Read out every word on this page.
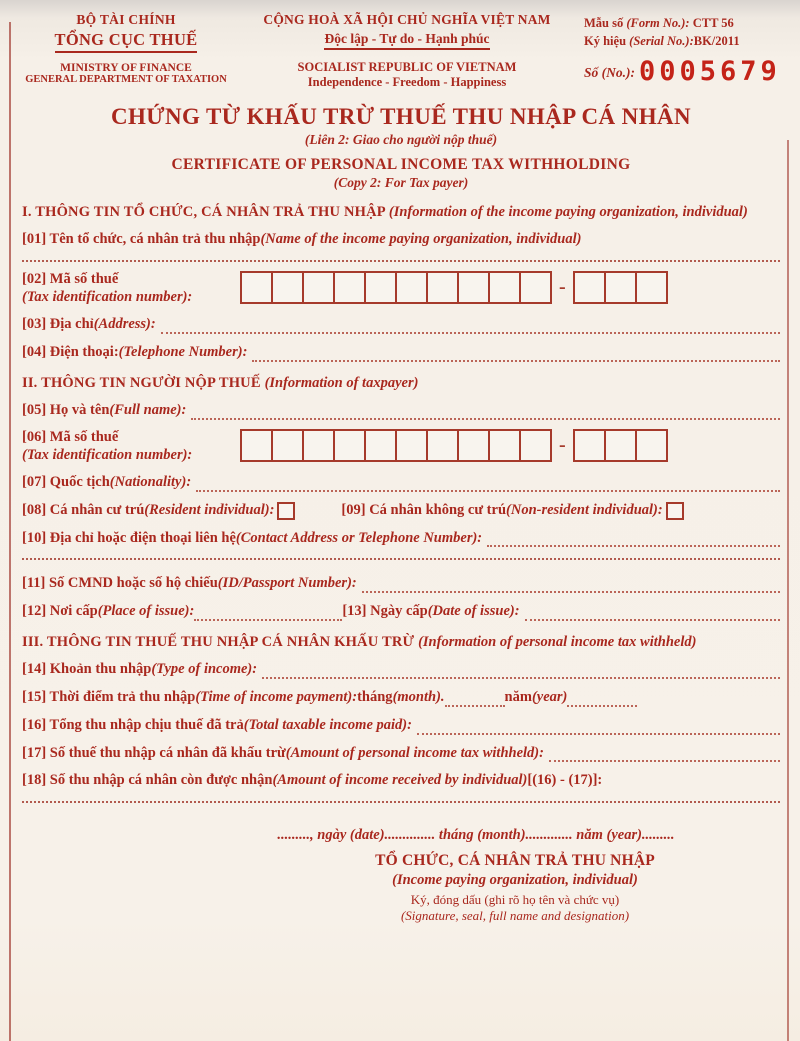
BỘ TÀI CHÍNH
TỔNG CỤC THUẾ
MINISTRY OF FINANCE
GENERAL DEPARTMENT OF TAXATION
CỘNG HOÀ XÃ HỘI CHỦ NGHĨA VIỆT NAM
Độc lập - Tự do - Hạnh phúc
SOCIALIST REPUBLIC OF VIETNAM
Independence - Freedom - Happiness
Mẫu số (Form No.): CTT 56
Ký hiệu (Serial No.):BK/2011
Số (No.): 0005679
CHỨNG TỪ KHẤU TRỪ THUẾ THU NHẬP CÁ NHÂN
(Liên 2: Giao cho người nộp thuế)
CERTIFICATE OF PERSONAL INCOME TAX WITHHOLDING
(Copy 2: For Tax payer)
I. THÔNG TIN TỔ CHỨC, CÁ NHÂN TRẢ THU NHẬP (Information of the income paying organization, individual)
[01] Tên tổ chức, cá nhân trả thu nhập (Name of the income paying organization, individual)
[02] Mã số thuế
(Tax identification number):	-
[03] Địa chỉ (Address):
[04] Điện thoại: (Telephone Number):
II. THÔNG TIN NGƯỜI NỘP THUẾ (Information of taxpayer)
[05] Họ và tên (Full name):
[06] Mã số thuế
(Tax identification number):	-
[07] Quốc tịch (Nationality):
[08] Cá nhân cư trú (Resident individual):	[09] Cá nhân không cư trú (Non-resident individual):
[10] Địa chỉ hoặc điện thoại liên hệ (Contact Address or Telephone Number):
[11] Số CMND hoặc số hộ chiếu (ID/Passport Number):
[12] Nơi cấp (Place of issue):	[13] Ngày cấp (Date of issue):
III. THÔNG TIN THUẾ THU NHẬP CÁ NHÂN KHẤU TRỪ (Information of personal income tax withheld)
[14] Khoản thu nhập (Type of income):
[15] Thời điểm trả thu nhập (Time of income payment): tháng (month).	năm (year)
[16] Tổng thu nhập chịu thuế đã trả (Total taxable income paid):
[17] Số thuế thu nhập cá nhân đã khấu trừ (Amount of personal income tax withheld):
[18] Số thu nhập cá nhân còn được nhận (Amount of income received by individual) [(16) - (17)]:
........., ngày (date).............. tháng (month)............. năm (year).........
TỔ CHỨC, CÁ NHÂN TRẢ THU NHẬP
(Income paying organization, individual)
Ký, đóng dấu (ghi rõ họ tên và chức vụ)
(Signature, seal, full name and designation)
